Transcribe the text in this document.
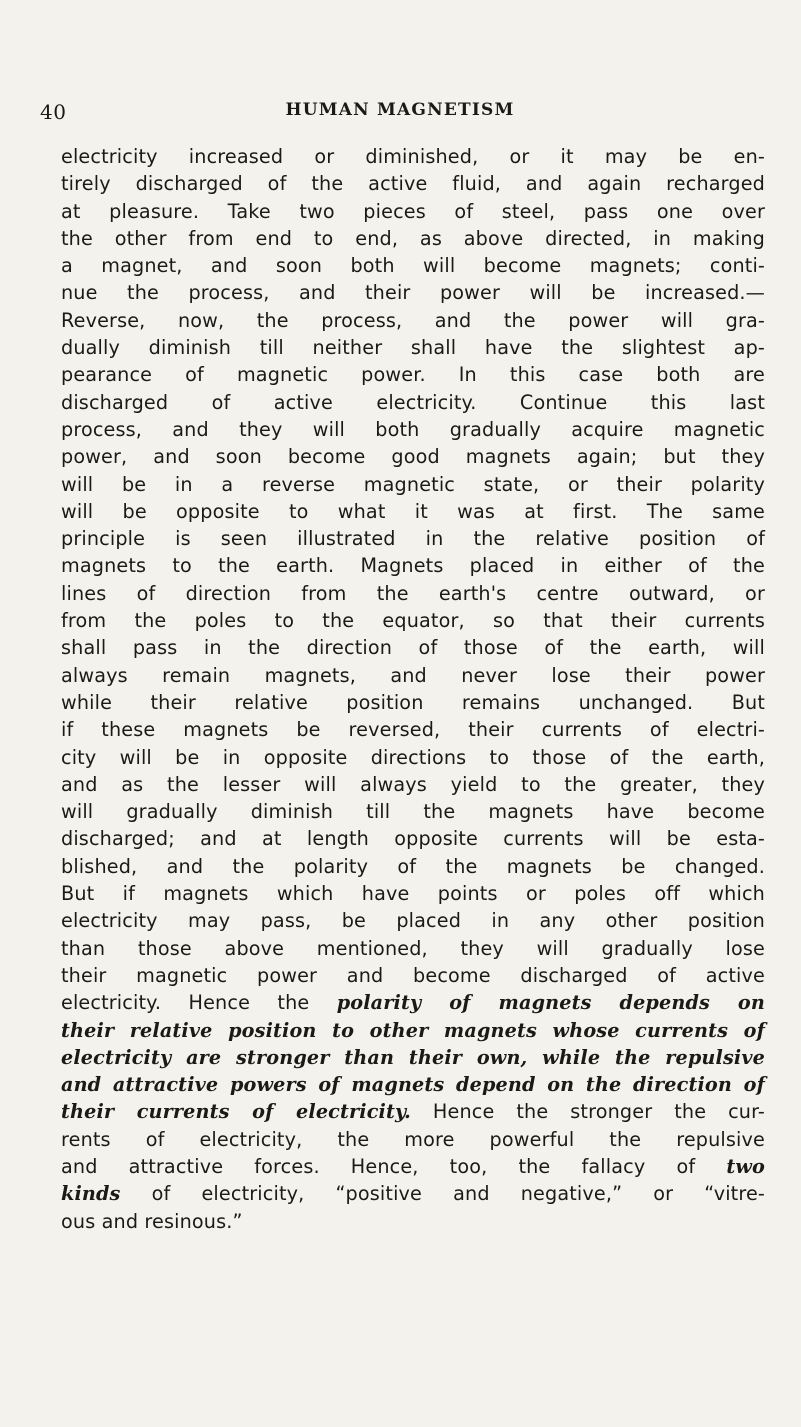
40	HUMAN MAGNETISM
electricity increased or diminished, or it may be en-
tirely discharged of the active fluid, and again recharged
at pleasure. Take two pieces of steel, pass one over
the other from end to end, as above directed, in making
a magnet, and soon both will become magnets; conti-
nue the process, and their power will be increased.—
Reverse, now, the process, and the power will gra-
dually diminish till neither shall have the slightest ap-
pearance of magnetic power. In this case both are
discharged of active electricity. Continue this last
process, and they will both gradually acquire magnetic
power, and soon become good magnets again; but they
will be in a reverse magnetic state, or their polarity
will be opposite to what it was at first. The same
principle is seen illustrated in the relative position of
magnets to the earth. Magnets placed in either of the
lines of direction from the earth's centre outward, or
from the poles to the equator, so that their currents
shall pass in the direction of those of the earth, will
always remain magnets, and never lose their power
while their relative position remains unchanged. But
if these magnets be reversed, their currents of electri-
city will be in opposite directions to those of the earth,
and as the lesser will always yield to the greater, they
will gradually diminish till the magnets have become
discharged; and at length opposite currents will be esta-
blished, and the polarity of the magnets be changed.
But if magnets which have points or poles off which
electricity may pass, be placed in any other position
than those above mentioned, they will gradually lose
their magnetic power and become discharged of active
electricity. Hence the polarity of magnets depends on
their relative position to other magnets whose currents of
electricity are stronger than their own, while the repulsive
and attractive powers of magnets depend on the direction of
their currents of electricity. Hence the stronger the cur-
rents of electricity, the more powerful the repulsive
and attractive forces. Hence, too, the fallacy of two
kinds of electricity, “positive and negative,” or “vitre-
ous and resinous.”
